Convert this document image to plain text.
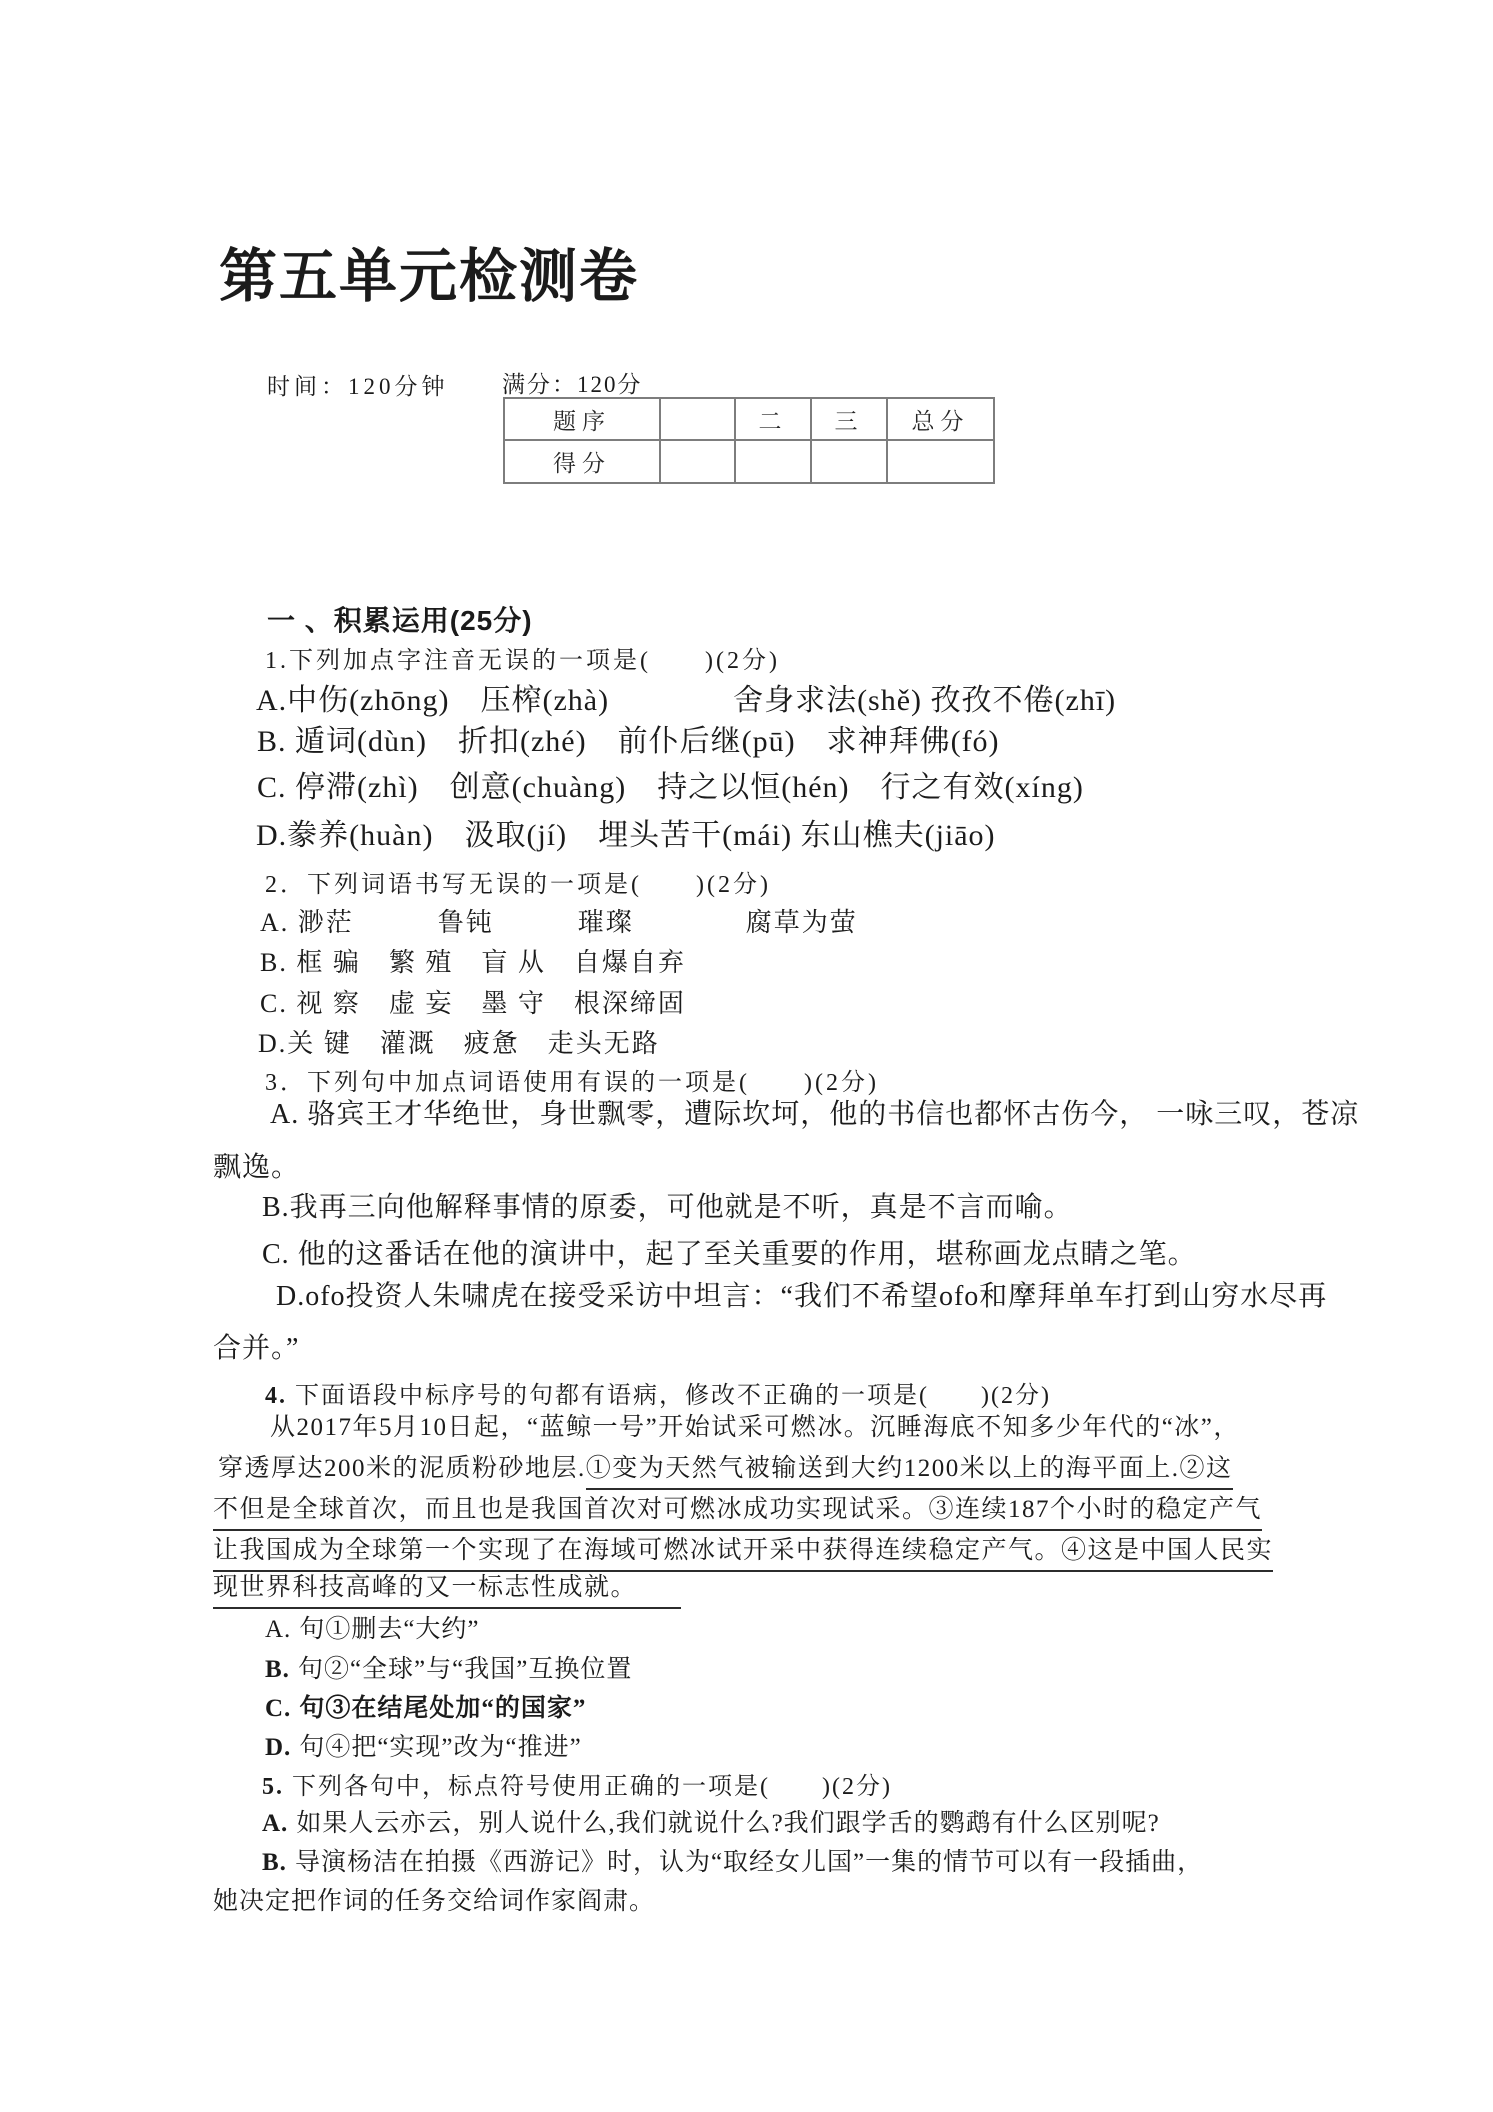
第五单元检测卷
时间：120分钟 满分：120分
题序		二	三	总分
得分				
一 、积累运用(25分)
1.下列加点字注音无误的一项是(　　)(2分)
A.中伤(zhōng)　压榨(zhà)　　　　舍身求法(shě) 孜孜不倦(zhī)
B. 遁词(dùn)　折扣(zhé)　前仆后继(pū)　求神拜佛(fó)
C. 停滞(zhì)　创意(chuàng)　持之以恒(hén)　行之有效(xíng)
D.豢养(huàn)　汲取(jí)　埋头苦干(mái) 东山樵夫(jiāo)
2．下列词语书写无误的一项是(　　)(2分)
A. 渺茫　　　鲁钝　　　璀璨　　　　腐草为萤
B. 框 骗　繁 殖　盲 从　自爆自弃
C. 视 察　虚 妄　墨 守　根深缔固
D.关 键　灌溉　疲惫　走头无路
3．下列句中加点词语使用有误的一项是(　　)(2分)
A. 骆宾王才华绝世，身世飘零，遭际坎坷，他的书信也都怀古伤今， 一咏三叹，苍凉
飘逸。
B.我再三向他解释事情的原委，可他就是不听，真是不言而喻。
C. 他的这番话在他的演讲中，起了至关重要的作用，堪称画龙点睛之笔。
D.ofo投资人朱啸虎在接受采访中坦言：“我们不希望ofo和摩拜单车打到山穷水尽再
合并。”
4. 下面语段中标序号的句都有语病，修改不正确的一项是(　　)(2分)
从2017年5月10日起，“蓝鲸一号”开始试采可燃冰。沉睡海底不知多少年代的“冰”，
穿透厚达200米的泥质粉砂地层.①变为天然气被输送到大约1200米以上的海平面上.②这
不但是全球首次，而且也是我国首次对可燃冰成功实现试采。③连续187个小时的稳定产气
让我国成为全球第一个实现了在海域可燃冰试开采中获得连续稳定产气。④这是中国人民实
现世界科技高峰的又一标志性成就。
A. 句①删去“大约”
B. 句②“全球”与“我国”互换位置
C. 句③在结尾处加“的国家”
D. 句④把“实现”改为“推进”
5. 下列各句中，标点符号使用正确的一项是(　　)(2分)
A. 如果人云亦云，别人说什么,我们就说什么?我们跟学舌的鹦鹉有什么区别呢?
B. 导演杨洁在拍摄《西游记》时，认为“取经女儿国”一集的情节可以有一段插曲，
她决定把作词的任务交给词作家阎肃。
